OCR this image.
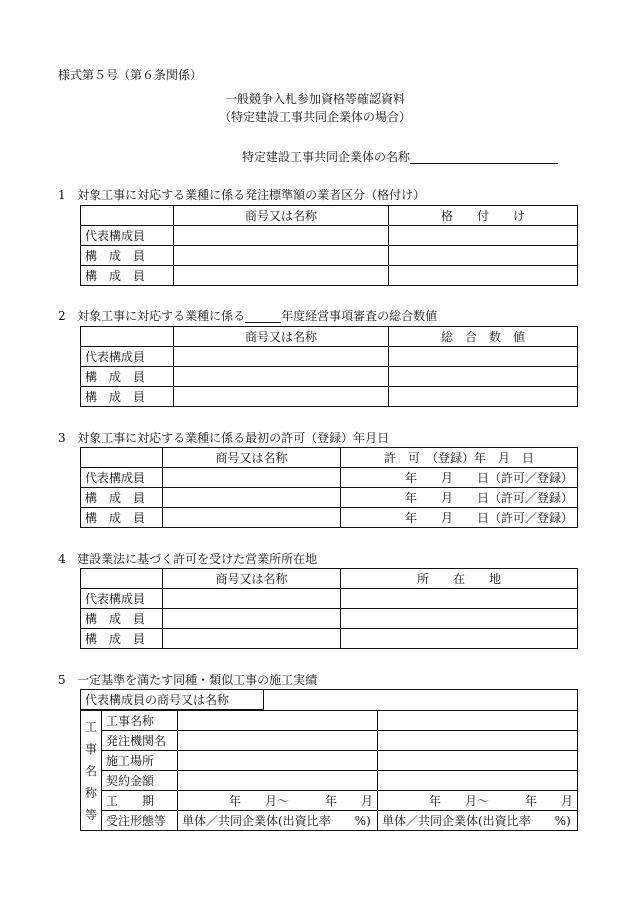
様式第５号（第６条関係）
一般競争入札参加資格等確認資料
（特定建設工事共同企業体の場合）
特定建設工事共同企業体の名称
1 対象工事に対応する業種に係る発注標準額の業者区分（格付け）
	商号又は名称	格　　付　　け
代表構成員		
構　成　員		
構　成　員		
2 対象工事に対応する業種に係る	年度経営事項審査の総合数値
	商号又は名称	総　合　数　値
代表構成員		
構　成　員		
構　成　員		
3 対象工事に対応する業種に係る最初の許可（登録）年月日
	商号又は名称	許　可　（登録）年　月　日
代表構成員		年　　月　　日（許可／登録）
構　成　員		年　　月　　日（許可／登録）
構　成　員		年　　月　　日（許可／登録）
4 建設業法に基づく許可を受けた営業所所在地
	商号又は名称	所　　在　　地
代表構成員		
構　成　員		
構　成　員		
5 一定基準を満たす同種・類似工事の施工実績
代表構成員の商号又は名称	
工
事
名
称
等	工事名称		
	発注機関名		
	施工場所		
	契約金額		
	工　　期	年　　月～　　　年　　月	年　　月～　　　年　　月
	受注形態等	単体／共同企業体(出資比率　　%)	単体／共同企業体(出資比率　　%)
